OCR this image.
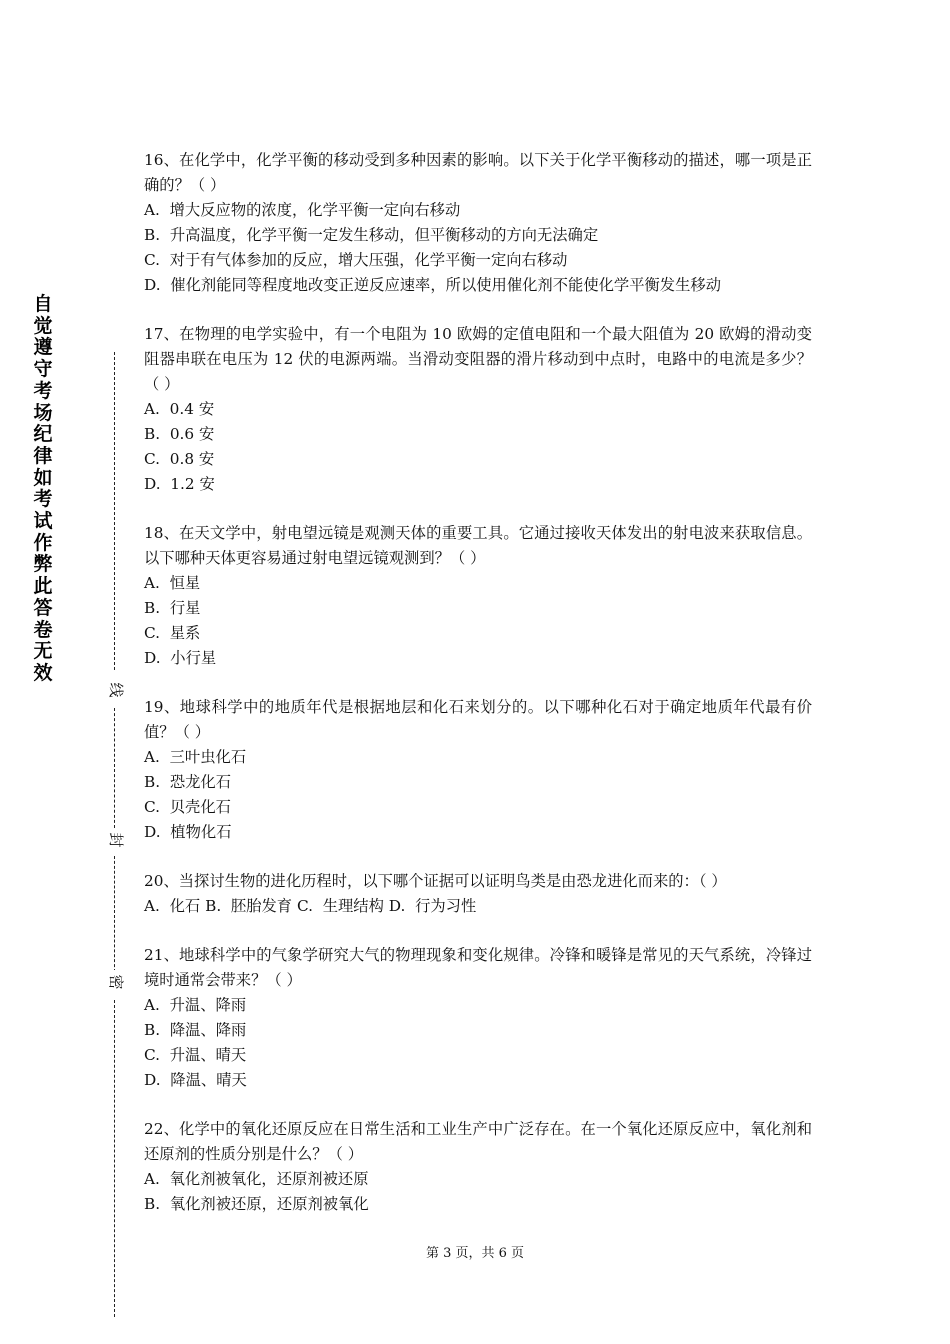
自觉遵守考场纪律如考试作弊此答卷无效
线
封
密

16、在化学中，化学平衡的移动受到多种因素的影响。以下关于化学平衡移动的描述，哪一项是正确的？（ ）

A.  增大反应物的浓度，化学平衡一定向右移动

B.  升高温度，化学平衡一定发生移动，但平衡移动的方向无法确定

C.  对于有气体参加的反应，增大压强，化学平衡一定向右移动

D.  催化剂能同等程度地改变正逆反应速率，所以使用催化剂不能使化学平衡发生移动

17、在物理的电学实验中，有一个电阻为 10 欧姆的定值电阻和一个最大阻值为 20 欧姆的滑动变阻器串联在电压为 12 伏的电源两端。当滑动变阻器的滑片移动到中点时，电路中的电流是多少？（ ）

A.  0.4 安

B.  0.6 安

C.  0.8 安

D.  1.2 安

18、在天文学中，射电望远镜是观测天体的重要工具。它通过接收天体发出的射电波来获取信息。以下哪种天体更容易通过射电望远镜观测到？（ ）

A.  恒星

B.  行星

C.  星系

D.  小行星

19、地球科学中的地质年代是根据地层和化石来划分的。以下哪种化石对于确定地质年代最有价值？（ ）

A.  三叶虫化石

B.  恐龙化石

C.  贝壳化石

D.  植物化石

20、当探讨生物的进化历程时，以下哪个证据可以证明鸟类是由恐龙进化而来的：（ ）

A.  化石 B.  胚胎发育 C.  生理结构 D.  行为习性

21、地球科学中的气象学研究大气的物理现象和变化规律。冷锋和暖锋是常见的天气系统，冷锋过境时通常会带来？（ ）

A.  升温、降雨

B.  降温、降雨

C.  升温、晴天

D.  降温、晴天

22、化学中的氧化还原反应在日常生活和工业生产中广泛存在。在一个氧化还原反应中，氧化剂和还原剂的性质分别是什么？（ ）

A.  氧化剂被氧化，还原剂被还原

B.  氧化剂被还原，还原剂被氧化

第 3 页，共 6 页
